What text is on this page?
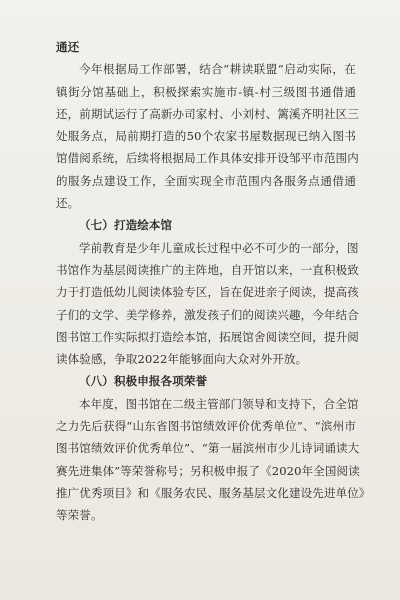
通还
今年根据局工作部署，结合“耕读联盟”启动实际，在
镇街分馆基础上，积极探索实施市-镇-村三级图书通借通
还，前期试运行了高新办司家村、小刘村、篱溪齐明社区三
处服务点，局前期打造的50个农家书屋数据现已纳入图书
馆借阅系统，后续将根据局工作具体安排开设邹平市范围内
的服务点建设工作，全面实现全市范围内各服务点通借通
还。
（七）打造绘本馆
学前教育是少年儿童成长过程中必不可少的一部分，图
书馆作为基层阅读推广的主阵地，自开馆以来，一直积极致
力于打造低幼儿阅读体验专区，旨在促进亲子阅读，提高孩
子们的文学、美学修养，激发孩子们的阅读兴趣，今年结合
图书馆工作实际拟打造绘本馆，拓展馆舍阅读空间，提升阅
读体验感，争取2022年能够面向大众对外开放。
（八）积极申报各项荣誉
本年度，图书馆在二级主管部门领导和支持下，合全馆
之力先后获得“山东省图书馆绩效评价优秀单位”、“滨州市
图书馆绩效评价优秀单位”、“第一届滨州市少儿诗词诵读大
赛先进集体”等荣誉称号；另积极申报了《2020年全国阅读
推广优秀项目》和《服务农民、服务基层文化建设先进单位》
等荣誉。
